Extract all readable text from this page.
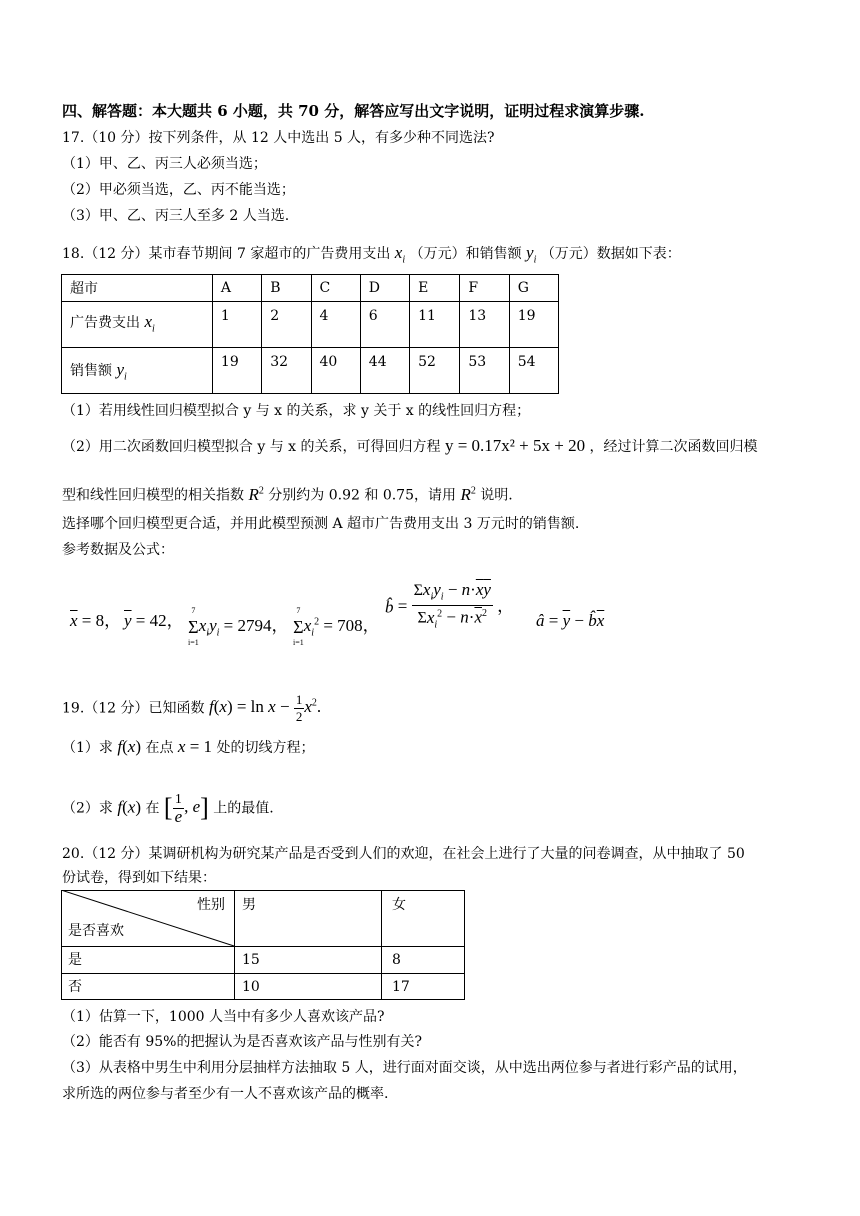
四、解答题：本大题共 6 小题，共 70 分，解答应写出文字说明，证明过程求演算步骤.
17.（10 分）按下列条件，从 12 人中选出 5 人，有多少种不同选法?
（1）甲、乙、丙三人必须当选；
（2）甲必须当选，乙、丙不能当选；
（3）甲、乙、丙三人至多 2 人当选.
18.（12 分）某市春节期间 7 家超市的广告费用支出 $x_i$ （万元）和销售额 $y_i$ （万元）数据如下表：
超市	A	B	C	D	E	F	G
广告费支出 $x_i$	1	2	4	6	11	13	19
销售额 $y_i$	19	32	40	44	52	53	54
（1）若用线性回归模型拟合 y 与 x 的关系，求 y 关于 x 的线性回归方程；
（2）用二次函数回归模型拟合 y 与 x 的关系，可得回归方程 y = 0.17x² + 5x + 20 ，经过计算二次函数回归模
型和线性回归模型的相关指数 $R^2$ 分别约为 0.92 和 0.75，请用 $R^2$ 说明.
选择哪个回归模型更合适，并用此模型预测 A 超市广告费用支出 3 万元时的销售额.
参考数据及公式：
$\overline{x} = 8$， $\overline{y} = 42$，
7
Σ
i=1
$x_iy_i = 2794$，
7
Σ
i=1
$x_i^2 = 708$，
b̂ = $\frac{\Sigma x_iy_i - n\cdot\overline{x}\overline{y}}{\Sigma x_i^2 - n\cdot\overline{x}^2}$ ，
â = $\overline{y}$ − $b̂\overline{x}$
19.（12 分）已知函数 $f(x) = \ln x - \frac{1}{2} x^2$.
（1）求 f(x) 在点 x = 1 处的切线方程；
（2）求 f(x) 在 [ $\frac{1}{e}$ , e] 上的最值.
20.（12 分）某调研机构为研究某产品是否受到人们的欢迎，在社会上进行了大量的问卷调查，从中抽取了 50
份试卷，得到如下结果：
性别
是否喜欢
男	女
是	15	8
否	10	17
（1）估算一下，1000 人当中有多少人喜欢该产品?
（2）能否有 95%的把握认为是否喜欢该产品与性别有关?
（3）从表格中男生中利用分层抽样方法抽取 5 人，进行面对面交谈，从中选出两位参与者进行彩产品的试用，
求所选的两位参与者至少有一人不喜欢该产品的概率.
